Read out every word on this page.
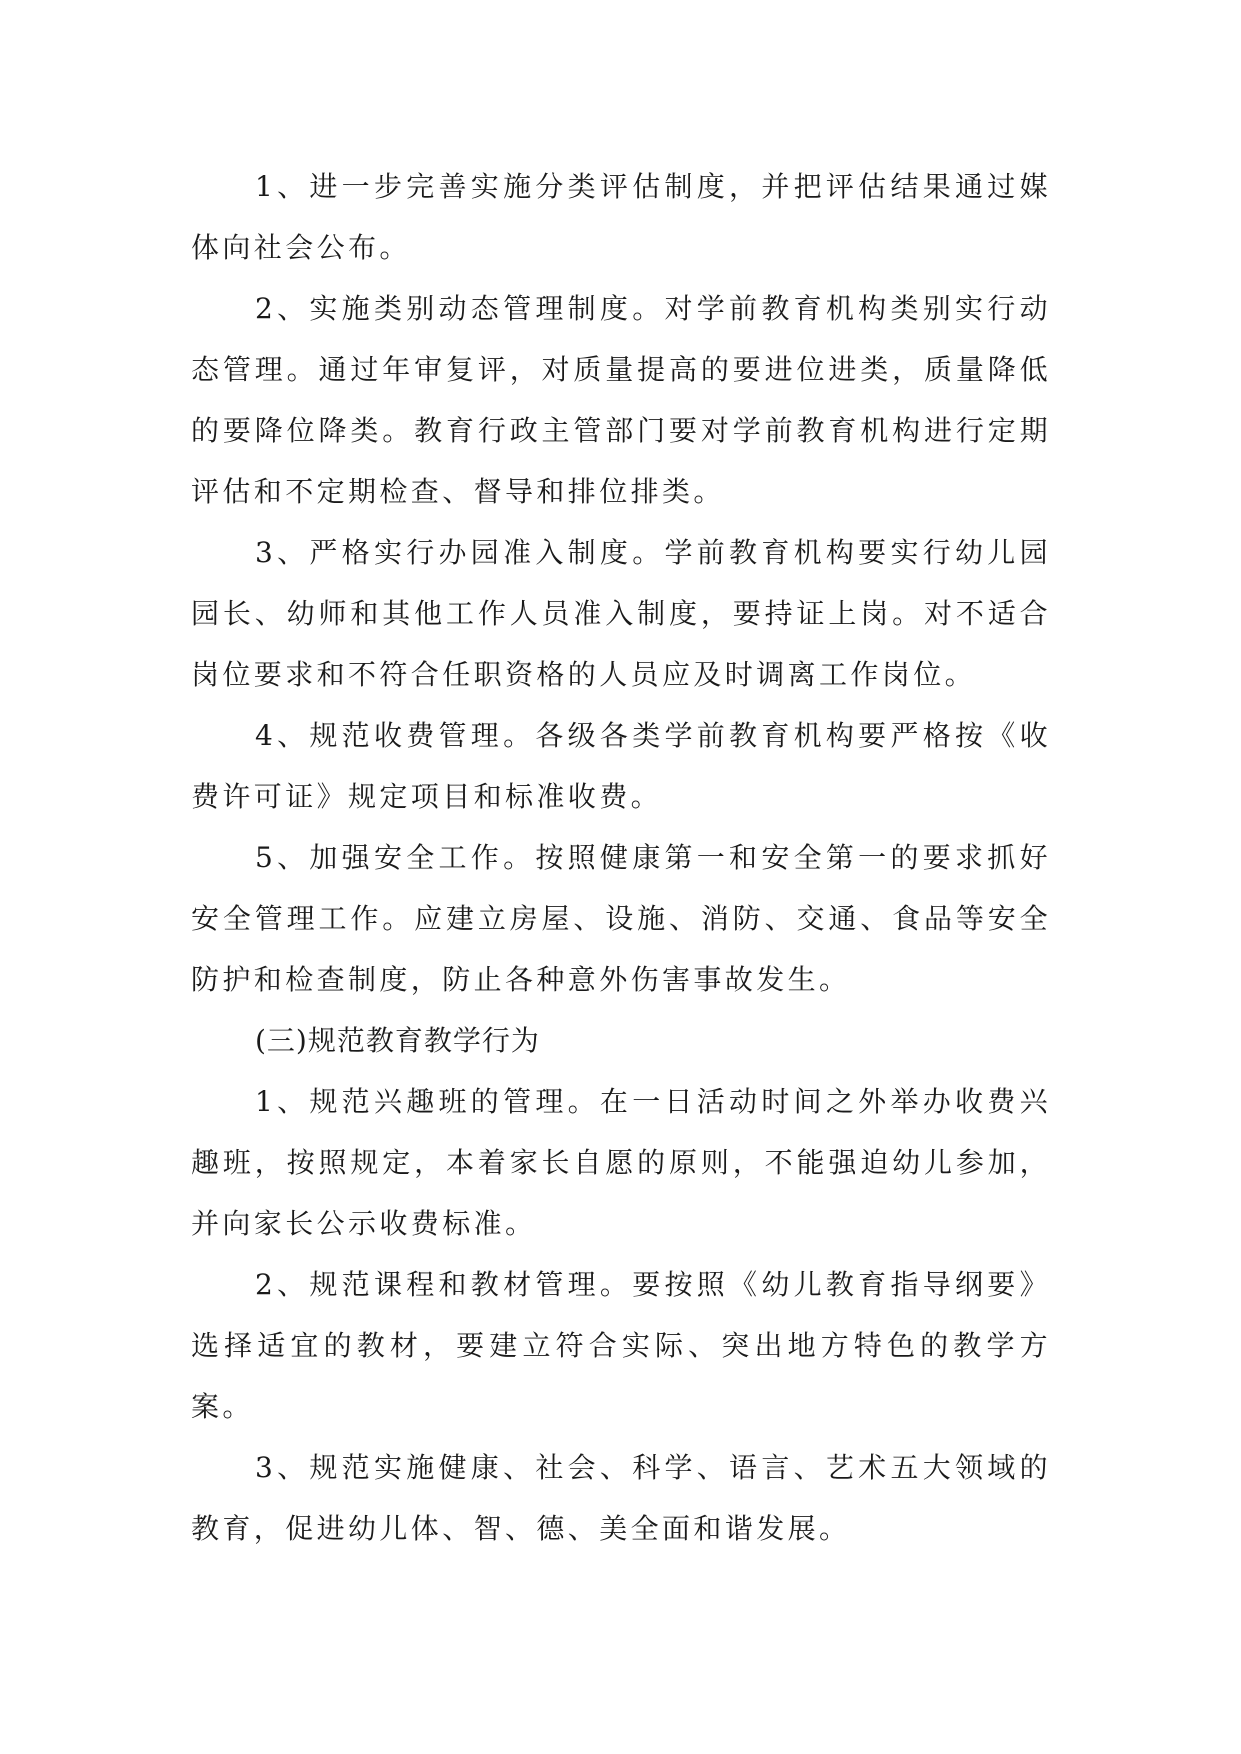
1、进一步完善实施分类评估制度，并把评估结果通过媒体向社会公布。

2、实施类别动态管理制度。对学前教育机构类别实行动态管理。通过年审复评，对质量提高的要进位进类，质量降低的要降位降类。教育行政主管部门要对学前教育机构进行定期评估和不定期检查、督导和排位排类。

3、严格实行办园准入制度。学前教育机构要实行幼儿园园长、幼师和其他工作人员准入制度，要持证上岗。对不适合岗位要求和不符合任职资格的人员应及时调离工作岗位。

4、规范收费管理。各级各类学前教育机构要严格按《收费许可证》规定项目和标准收费。

5、加强安全工作。按照健康第一和安全第一的要求抓好安全管理工作。应建立房屋、设施、消防、交通、食品等安全防护和检查制度，防止各种意外伤害事故发生。

(三)规范教育教学行为

1、规范兴趣班的管理。在一日活动时间之外举办收费兴趣班，按照规定，本着家长自愿的原则，不能强迫幼儿参加，并向家长公示收费标准。

2、规范课程和教材管理。要按照《幼儿教育指导纲要》选择适宜的教材，要建立符合实际、突出地方特色的教学方案。

3、规范实施健康、社会、科学、语言、艺术五大领域的教育，促进幼儿体、智、德、美全面和谐发展。
